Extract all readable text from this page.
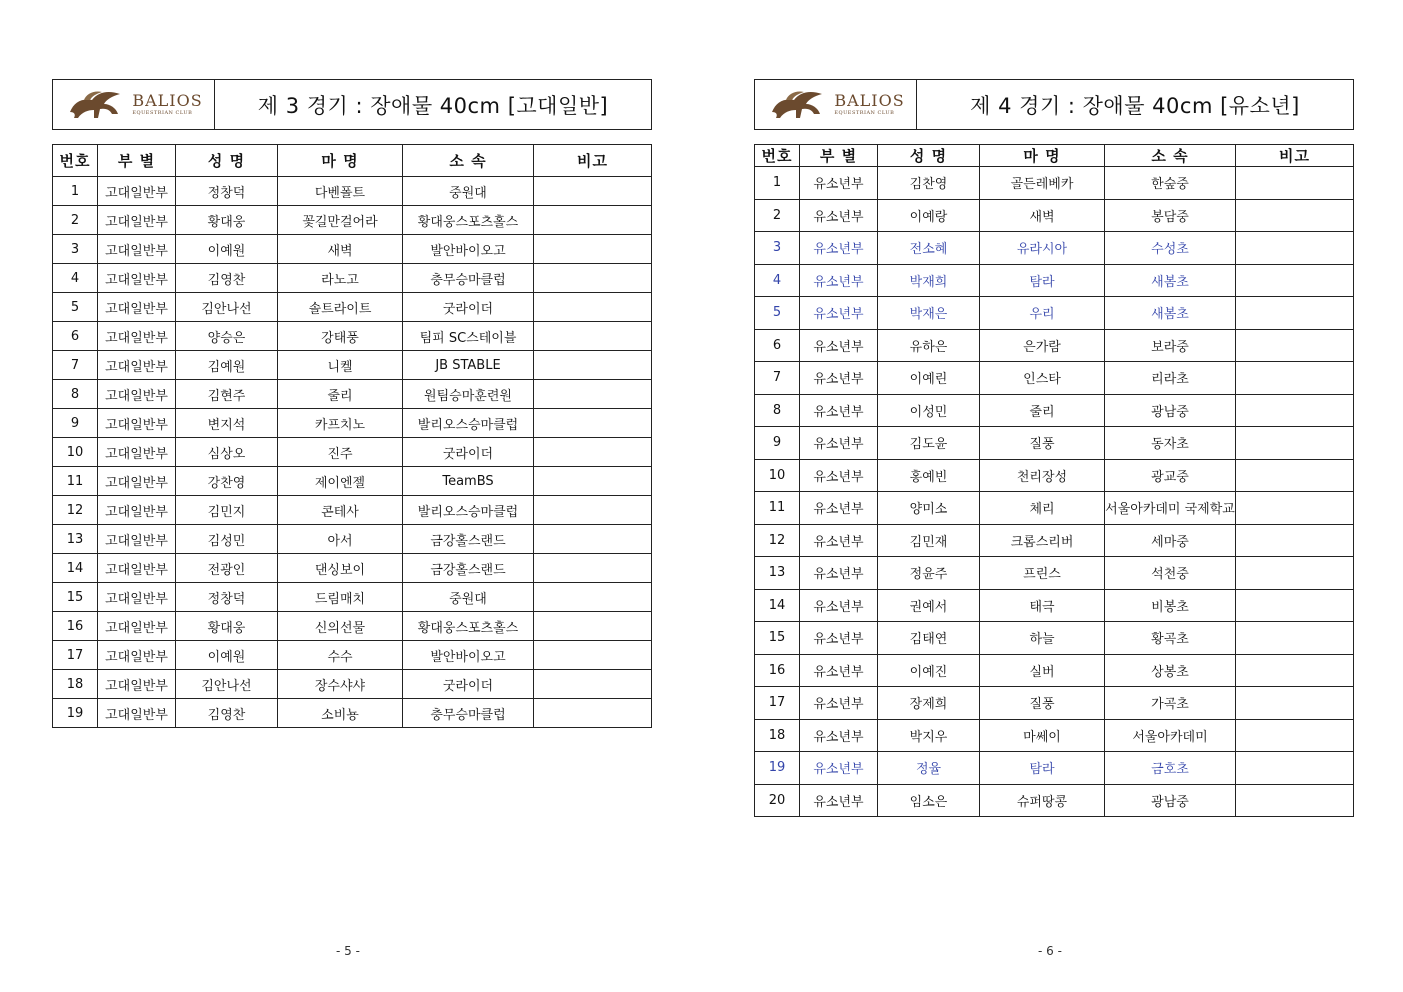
BALIOS
EQUESTRIAN CLUB	제 3 경기 : 장애물 40cm [고대일반]
번호	부 별	성 명	마 명	소 속	비고
1	고대일반부	정창덕	다벤폴트	중원대	
2	고대일반부	황대웅	꽃길만걸어라	황대웅스포츠홀스	
3	고대일반부	이예원	새벽	발안바이오고	
4	고대일반부	김영찬	라노고	충무승마클럽	
5	고대일반부	김안나선	솔트라이트	굿라이더	
6	고대일반부	양승은	강태풍	팀피 SC스테이블	
7	고대일반부	김예원	니켈	JB STABLE	
8	고대일반부	김현주	줄리	원팀승마훈련원	
9	고대일반부	변지석	카프치노	발리오스승마클럽	
10	고대일반부	심상오	진주	굿라이더	
11	고대일반부	강찬영	제이엔젤	TeamBS	
12	고대일반부	김민지	콘테사	발리오스승마클럽	
13	고대일반부	김성민	아서	금강홀스랜드	
14	고대일반부	전광인	댄싱보이	금강홀스랜드	
15	고대일반부	정창덕	드림매치	중원대	
16	고대일반부	황대웅	신의선물	황대웅스포츠홀스	
17	고대일반부	이예원	수수	발안바이오고	
18	고대일반부	김안나선	장수샤샤	굿라이더	
19	고대일반부	김영찬	소비뇽	충무승마클럽	
- 5 -
BALIOS
EQUESTRIAN CLUB	제 4 경기 : 장애물 40cm [유소년]
번호	부 별	성 명	마 명	소 속	비고
1	유소년부	김찬영	골든레베카	한숲중	
2	유소년부	이예랑	새벽	봉담중	
3	유소년부	전소혜	유라시아	수성초	
4	유소년부	박재희	탐라	새봄초	
5	유소년부	박재은	우리	새봄초	
6	유소년부	유하은	은가람	보라중	
7	유소년부	이예린	인스타	리라초	
8	유소년부	이성민	줄리	광남중	
9	유소년부	김도윤	질풍	동자초	
10	유소년부	홍예빈	천리장성	광교중	
11	유소년부	양미소	체리	서울아카데미 국제학교	
12	유소년부	김민재	크롬스리버	세마중	
13	유소년부	정윤주	프린스	석천중	
14	유소년부	권예서	태극	비봉초	
15	유소년부	김태연	하늘	황곡초	
16	유소년부	이예진	실버	상봉초	
17	유소년부	장제희	질풍	가곡초	
18	유소년부	박지우	마쎄이	서울아카데미	
19	유소년부	정율	탐라	금호초	
20	유소년부	임소은	슈퍼땅콩	광남중	
- 6 -
